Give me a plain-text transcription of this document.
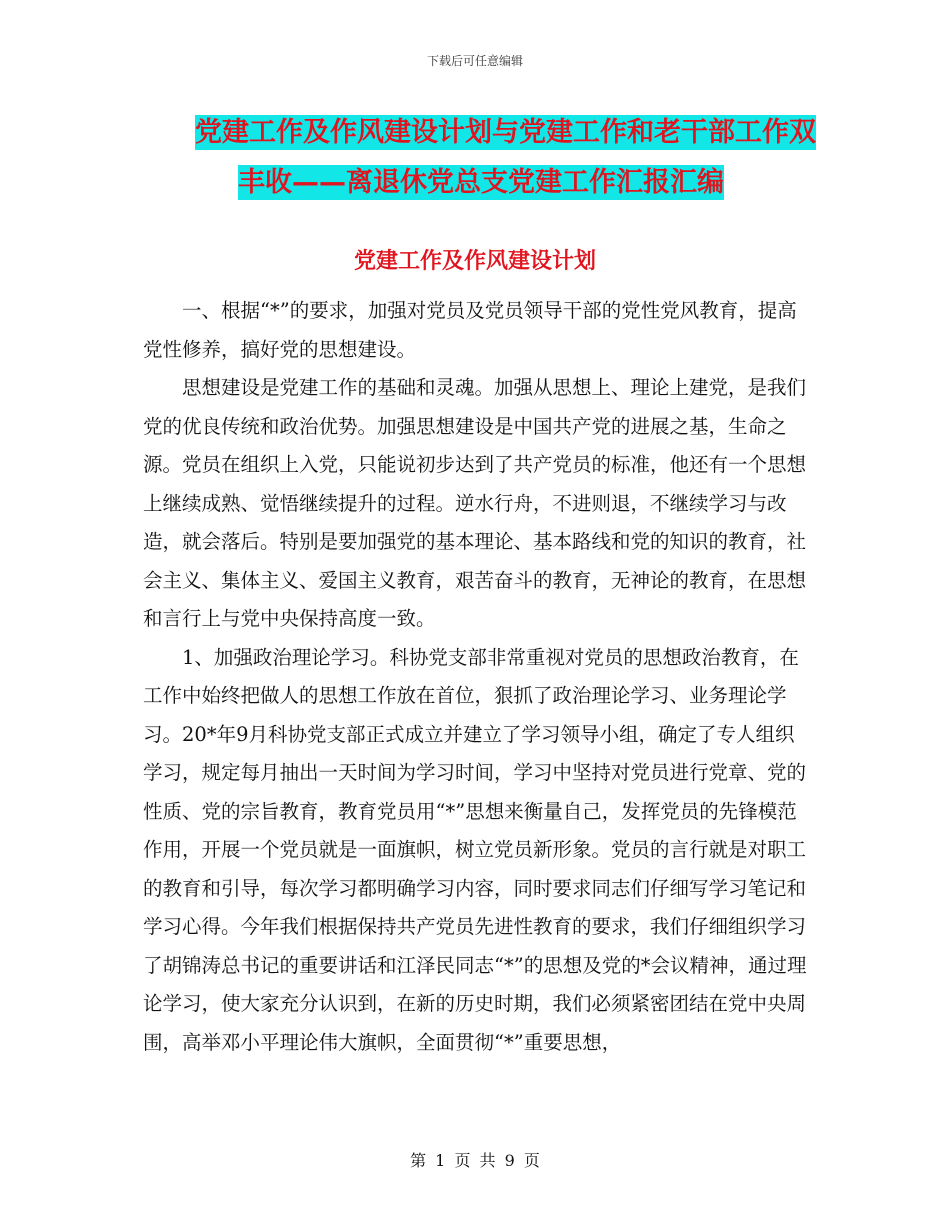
下载后可任意编辑
党建工作及作风建设计划与党建工作和老干部工作双
丰收——离退休党总支党建工作汇报汇编
党建工作及作风建设计划

一、根据“*”的要求，加强对党员及党员领导干部的党性党风教育，提高党性修养，搞好党的思想建设。

思想建设是党建工作的基础和灵魂。加强从思想上、理论上建党，是我们党的优良传统和政治优势。加强思想建设是中国共产党的进展之基，生命之源。党员在组织上入党，只能说初步达到了共产党员的标准，他还有一个思想上继续成熟、觉悟继续提升的过程。逆水行舟，不进则退，不继续学习与改造，就会落后。特别是要加强党的基本理论、基本路线和党的知识的教育，社会主义、集体主义、爱国主义教育，艰苦奋斗的教育，无神论的教育，在思想和言行上与党中央保持高度一致。

1、加强政治理论学习。科协党支部非常重视对党员的思想政治教育，在工作中始终把做人的思想工作放在首位，狠抓了政治理论学习、业务理论学习。20*年9月科协党支部正式成立并建立了学习领导小组，确定了专人组织学习，规定每月抽出一天时间为学习时间，学习中坚持对党员进行党章、党的性质、党的宗旨教育，教育党员用“*”思想来衡量自己，发挥党员的先锋模范作用，开展一个党员就是一面旗帜，树立党员新形象。党员的言行就是对职工的教育和引导，每次学习都明确学习内容，同时要求同志们仔细写学习笔记和学习心得。今年我们根据保持共产党员先进性教育的要求，我们仔细组织学习了胡锦涛总书记的重要讲话和江泽民同志“*”的思想及党的*会议精神，通过理论学习，使大家充分认识到，在新的历史时期，我们必须紧密团结在党中央周围，高举邓小平理论伟大旗帜，全面贯彻“*”重要思想，

第 1 页 共 9 页
